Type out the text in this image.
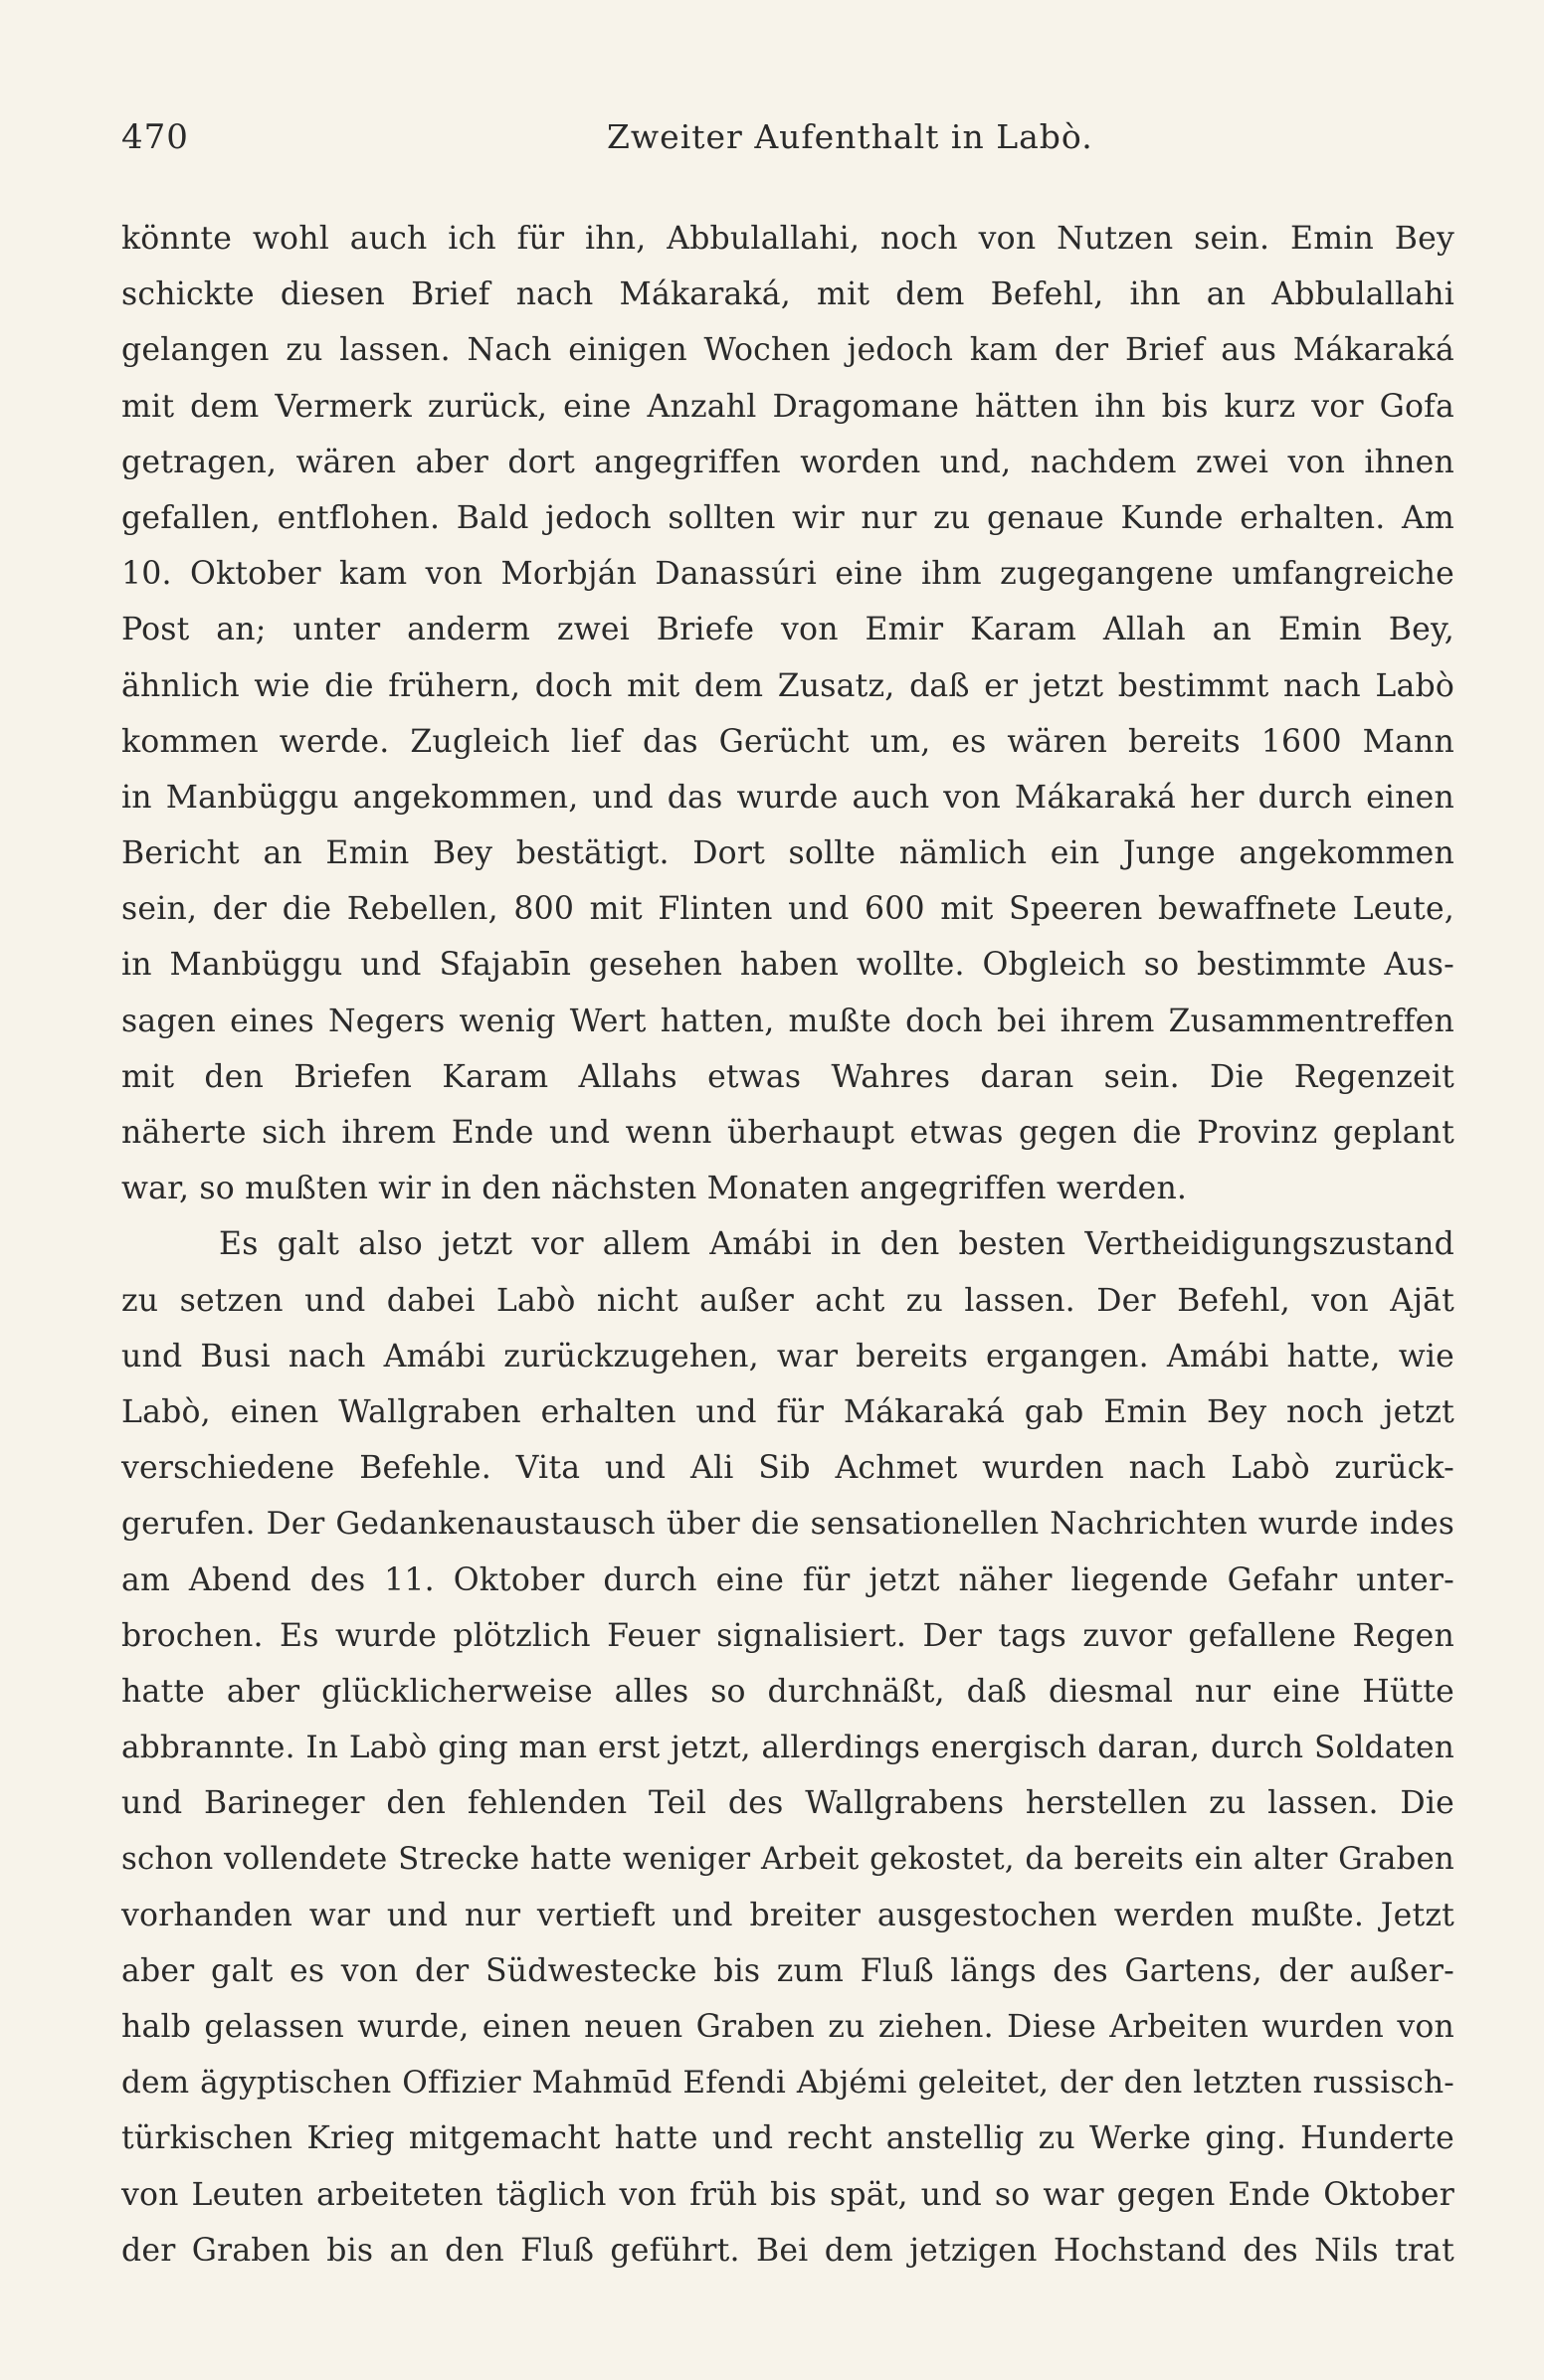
470	Zweiter Aufenthalt in Labò.
könnte wohl auch ich für ihn, Abbulallahi, noch von Nutzen sein. Emin Bey
schickte diesen Brief nach Mákaraká, mit dem Befehl, ihn an Abbulallahi
gelangen zu lassen. Nach einigen Wochen jedoch kam der Brief aus Mákaraká
mit dem Vermerk zurück, eine Anzahl Dragomane hätten ihn bis kurz vor Gofa
getragen, wären aber dort angegriffen worden und, nachdem zwei von ihnen
gefallen, entflohen. Bald jedoch sollten wir nur zu genaue Kunde erhalten. Am
10. Oktober kam von Morbján Danassúri eine ihm zugegangene umfangreiche
Post an; unter anderm zwei Briefe von Emir Karam Allah an Emin Bey,
ähnlich wie die frühern, doch mit dem Zusatz, daß er jetzt bestimmt nach Labò
kommen werde. Zugleich lief das Gerücht um, es wären bereits 1600 Mann
in Manbüggu angekommen, und das wurde auch von Mákaraká her durch einen
Bericht an Emin Bey bestätigt. Dort sollte nämlich ein Junge angekommen
sein, der die Rebellen, 800 mit Flinten und 600 mit Speeren bewaffnete Leute,
in Manbüggu und Sfajabīn gesehen haben wollte. Obgleich so bestimmte Aus-
sagen eines Negers wenig Wert hatten, mußte doch bei ihrem Zusammentreffen
mit den Briefen Karam Allahs etwas Wahres daran sein. Die Regenzeit
näherte sich ihrem Ende und wenn überhaupt etwas gegen die Provinz geplant
war, so mußten wir in den nächsten Monaten angegriffen werden.
Es galt also jetzt vor allem Amábi in den besten Vertheidigungszustand
zu setzen und dabei Labò nicht außer acht zu lassen. Der Befehl, von Ajāt
und Busi nach Amábi zurückzugehen, war bereits ergangen. Amábi hatte, wie
Labò, einen Wallgraben erhalten und für Mákaraká gab Emin Bey noch jetzt
verschiedene Befehle. Vita und Ali Sib Achmet wurden nach Labò zurück-
gerufen. Der Gedankenaustausch über die sensationellen Nachrichten wurde indes
am Abend des 11. Oktober durch eine für jetzt näher liegende Gefahr unter-
brochen. Es wurde plötzlich Feuer signalisiert. Der tags zuvor gefallene Regen
hatte aber glücklicherweise alles so durchnäßt, daß diesmal nur eine Hütte
abbrannte. In Labò ging man erst jetzt, allerdings energisch daran, durch Soldaten
und Barineger den fehlenden Teil des Wallgrabens herstellen zu lassen. Die
schon vollendete Strecke hatte weniger Arbeit gekostet, da bereits ein alter Graben
vorhanden war und nur vertieft und breiter ausgestochen werden mußte. Jetzt
aber galt es von der Südwestecke bis zum Fluß längs des Gartens, der außer-
halb gelassen wurde, einen neuen Graben zu ziehen. Diese Arbeiten wurden von
dem ägyptischen Offizier Mahmūd Efendi Abjémi geleitet, der den letzten russisch-
türkischen Krieg mitgemacht hatte und recht anstellig zu Werke ging. Hunderte
von Leuten arbeiteten täglich von früh bis spät, und so war gegen Ende Oktober
der Graben bis an den Fluß geführt. Bei dem jetzigen Hochstand des Nils trat
